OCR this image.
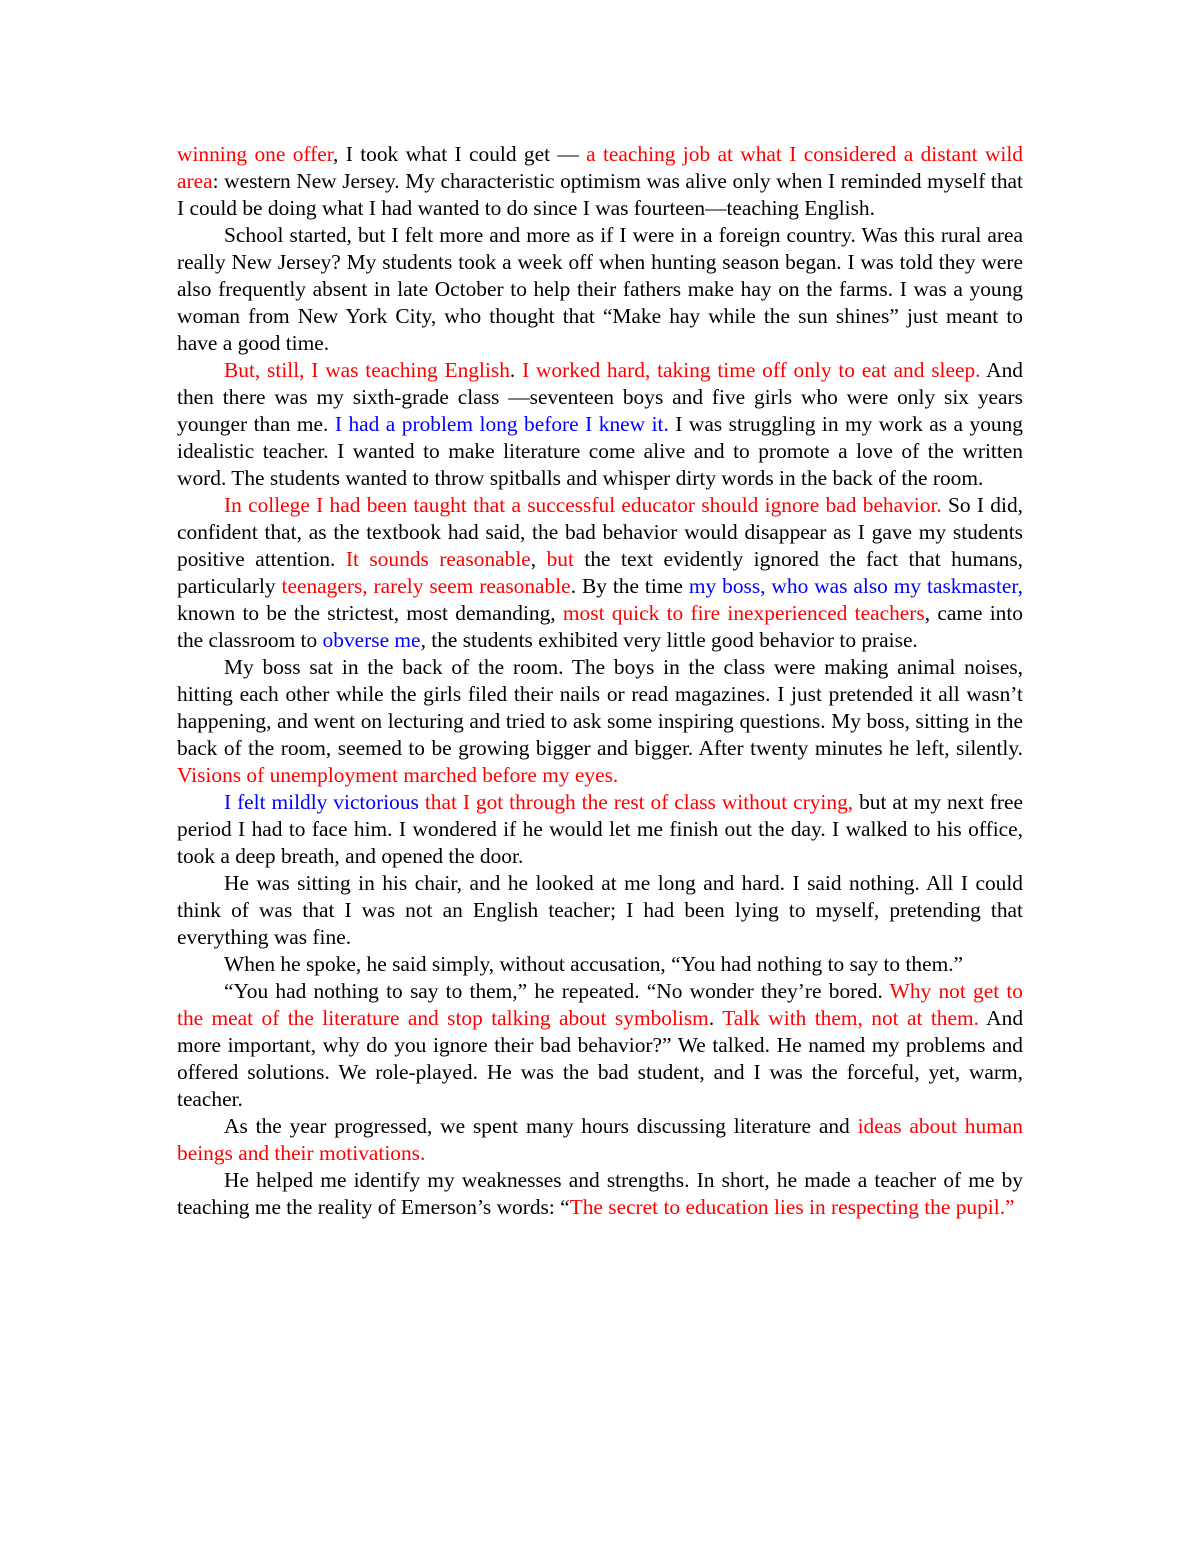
winning one offer, I took what I could get — a teaching job at what I considered a distant wild area: western New Jersey. My characteristic optimism was alive only when I reminded myself that I could be doing what I had wanted to do since I was fourteen—teaching English.

School started, but I felt more and more as if I were in a foreign country. Was this rural area really New Jersey? My students took a week off when hunting season began. I was told they were also frequently absent in late October to help their fathers make hay on the farms. I was a young woman from New York City, who thought that “Make hay while the sun shines” just meant to have a good time.

But, still, I was teaching English. I worked hard, taking time off only to eat and sleep. And then there was my sixth-grade class —seventeen boys and five girls who were only six years younger than me. I had a problem long before I knew it. I was struggling in my work as a young idealistic teacher. I wanted to make literature come alive and to promote a love of the written word. The students wanted to throw spitballs and whisper dirty words in the back of the room.

In college I had been taught that a successful educator should ignore bad behavior. So I did, confident that, as the textbook had said, the bad behavior would disappear as I gave my students positive attention. It sounds reasonable, but the text evidently ignored the fact that humans, particularly teenagers, rarely seem reasonable. By the time my boss, who was also my taskmaster, known to be the strictest, most demanding, most quick to fire inexperienced teachers, came into the classroom to obverse me, the students exhibited very little good behavior to praise.

My boss sat in the back of the room. The boys in the class were making animal noises, hitting each other while the girls filed their nails or read magazines. I just pretended it all wasn’t happening, and went on lecturing and tried to ask some inspiring questions. My boss, sitting in the back of the room, seemed to be growing bigger and bigger. After twenty minutes he left, silently. Visions of unemployment marched before my eyes.

I felt mildly victorious that I got through the rest of class without crying, but at my next free period I had to face him. I wondered if he would let me finish out the day. I walked to his office, took a deep breath, and opened the door.

He was sitting in his chair, and he looked at me long and hard. I said nothing. All I could think of was that I was not an English teacher; I had been lying to myself, pretending that everything was fine.

When he spoke, he said simply, without accusation, “You had nothing to say to them.”

“You had nothing to say to them,” he repeated. “No wonder they’re bored. Why not get to the meat of the literature and stop talking about symbolism. Talk with them, not at them. And more important, why do you ignore their bad behavior?” We talked. He named my problems and offered solutions. We role-played. He was the bad student, and I was the forceful, yet, warm, teacher.

As the year progressed, we spent many hours discussing literature and ideas about human beings and their motivations.

He helped me identify my weaknesses and strengths. In short, he made a teacher of me by teaching me the reality of Emerson’s words: “The secret to education lies in respecting the pupil.”
